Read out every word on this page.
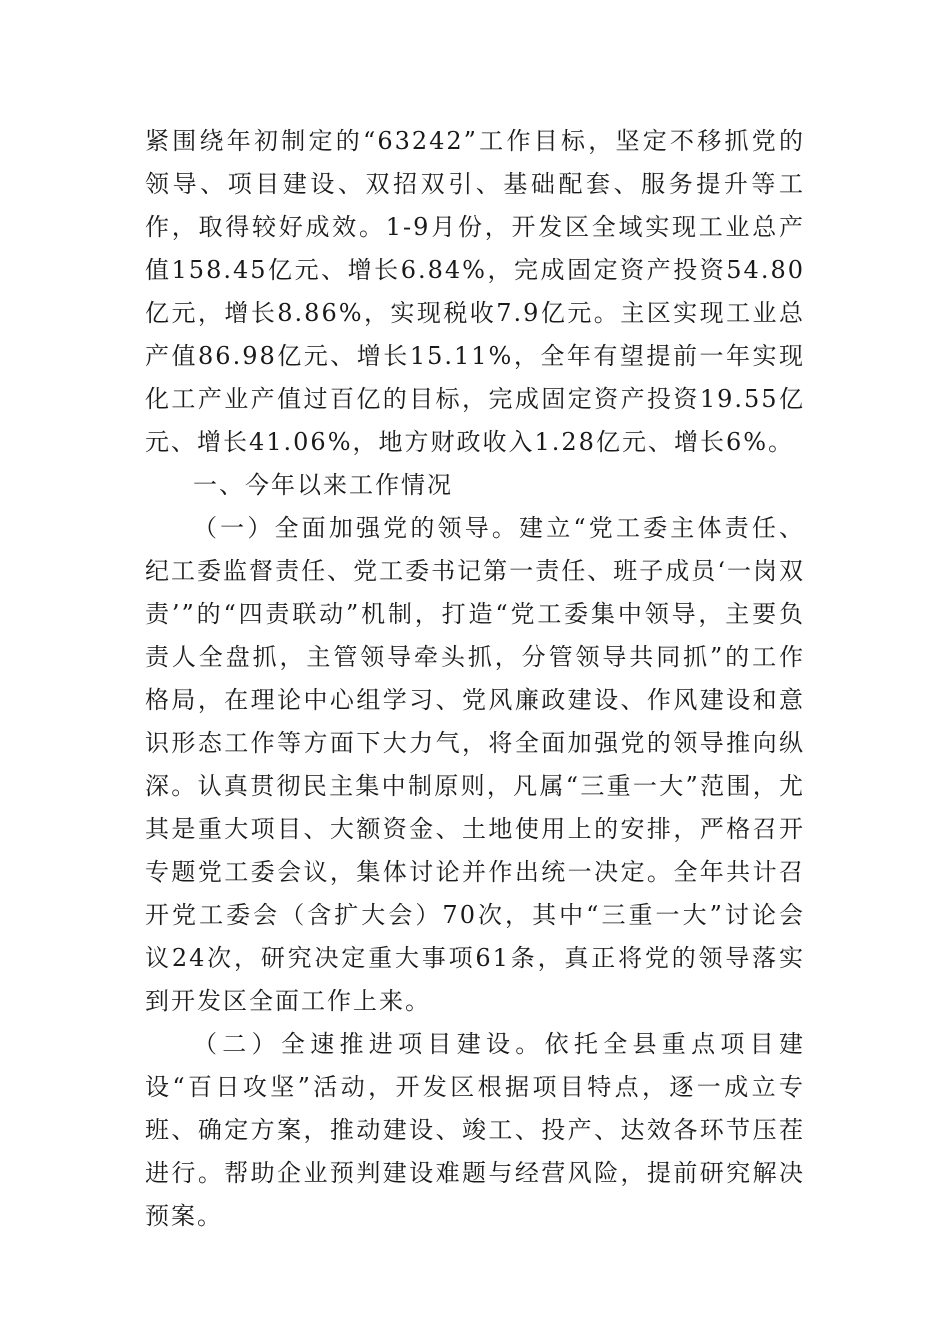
紧围绕年初制定的“63242”工作目标，坚定不移抓党的领导、项目建设、双招双引、基础配套、服务提升等工作，取得较好成效。1-9月份，开发区全域实现工业总产值158.45亿元、增长6.84%，完成固定资产投资54.80亿元，增长8.86%，实现税收7.9亿元。主区实现工业总产值86.98亿元、增长15.11%，全年有望提前一年实现化工产业产值过百亿的目标，完成固定资产投资19.55亿元、增长41.06%，地方财政收入1.28亿元、增长6%。

一、今年以来工作情况

（一）全面加强党的领导。建立“党工委主体责任、纪工委监督责任、党工委书记第一责任、班子成员‘一岗双责’”的“四责联动”机制，打造“党工委集中领导，主要负责人全盘抓，主管领导牵头抓，分管领导共同抓”的工作格局，在理论中心组学习、党风廉政建设、作风建设和意识形态工作等方面下大力气，将全面加强党的领导推向纵深。认真贯彻民主集中制原则，凡属“三重一大”范围，尤其是重大项目、大额资金、土地使用上的安排，严格召开专题党工委会议，集体讨论并作出统一决定。全年共计召开党工委会（含扩大会）70次，其中“三重一大”讨论会议24次，研究决定重大事项61条，真正将党的领导落实到开发区全面工作上来。

（二）全速推进项目建设。依托全县重点项目建设“百日攻坚”活动，开发区根据项目特点，逐一成立专班、确定方案，推动建设、竣工、投产、达效各环节压茬进行。帮助企业预判建设难题与经营风险，提前研究解决预案。
